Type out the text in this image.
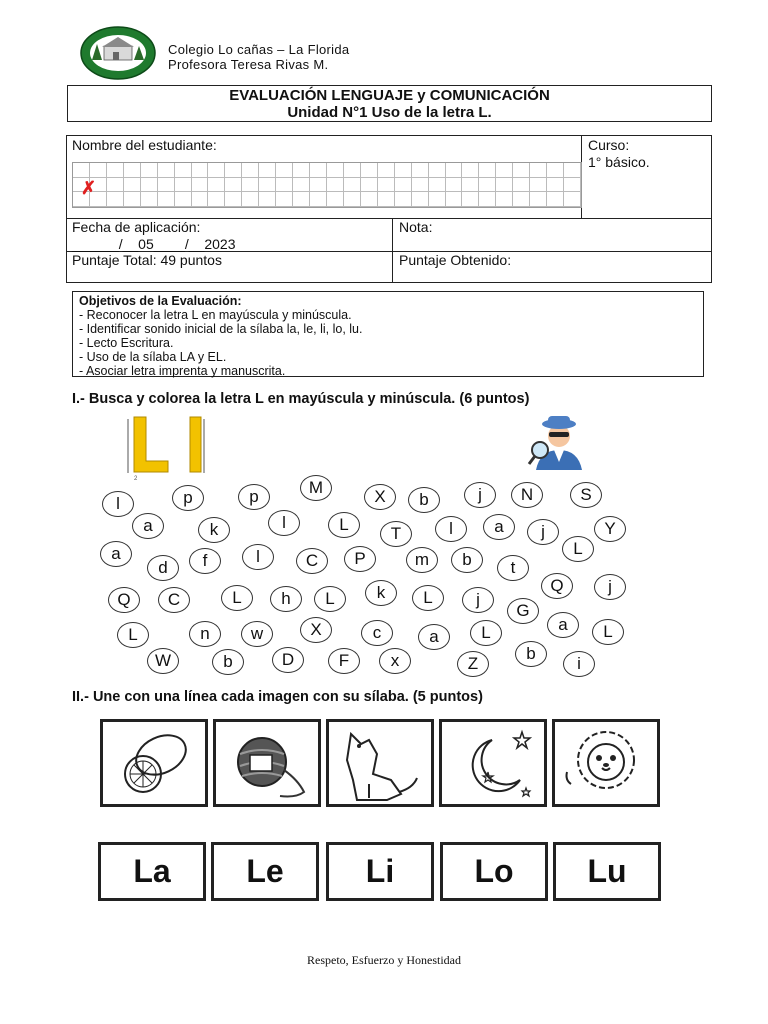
Colegio Lo cañas – La Florida
Profesora Teresa Rivas M.
EVALUACIÓN LENGUAJE y COMUNICACIÓN
Unidad N°1 Uso de la letra L.
Nombre del estudiante:	Curso:
1° básico.
Fecha de aplicación:
______/__05____/__2023
Nota:
Puntaje Total: 49 puntos	Puntaje Obtenido:
✗
Objetivos de la Evaluación:
- Reconocer la letra L en mayúscula y minúscula.
- Identificar sonido inicial de la sílaba la, le, li, lo, lu.
- Lecto Escritura.
- Uso de la sílaba LA y EL.
- Asociar letra imprenta y manuscrita.
I.- Busca y colorea la letra L en mayúscula y minúscula. (6 puntos)
2
l	p	p	M	X	b	j	N	S
a	k	l	L	T	l	a	j	Y
a
d	f	l	C	P	m	b	t
L
Q	C	L	h	L	k	L	j
G
Q	j
L	n	w	X	c	a	L	a	L
W	b	D	F	x	Z
b
i
II.- Une con una línea cada imagen con su sílaba. (5 puntos)
La	Le	Li	Lo	Lu
Respeto, Esfuerzo y Honestidad
